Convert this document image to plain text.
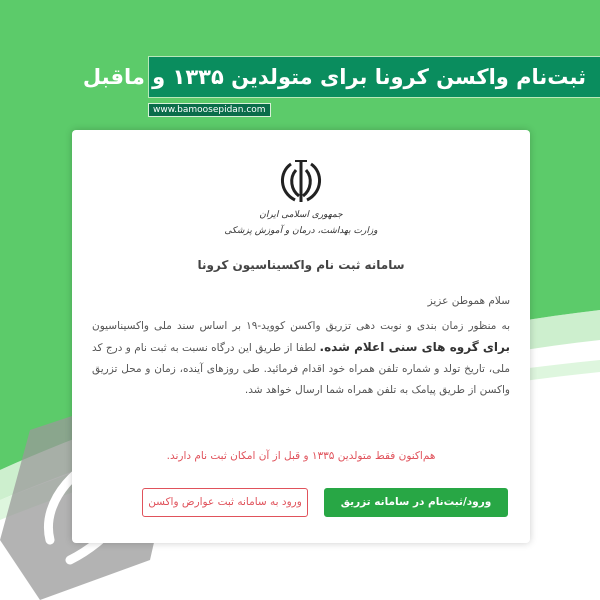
ثبت‌نام واکسن کرونا برای متولدین ۱۳۳۵ و ماقبل
www.bamoosepidan.com
جمهوری اسلامی ایران
وزارت بهداشت، درمان و آموزش پزشکی
سامانه ثبت نام واکسیناسیون کرونا
سلام هموطن عزیز
به منظور زمان بندی و نوبت دهی تزریق واکسن کووید-۱۹ بر اساس سند ملی واکسیناسیون برای گروه های سنی اعلام شده. لطفا از طریق این درگاه نسبت به ثبت نام و درج کد ملی، تاریخ تولد و شماره تلفن همراه خود اقدام فرمائید. طی روزهای آینده، زمان و محل تزریق واکسن از طریق پیامک به تلفن همراه شما ارسال خواهد شد.
هم‌اکنون فقط متولدین ۱۳۳۵ و قبل از آن امکان ثبت نام دارند.
ورود/ثبت‌نام در سامانه تزریق واکسن
ورود به سامانه ثبت عوارض واکسن
